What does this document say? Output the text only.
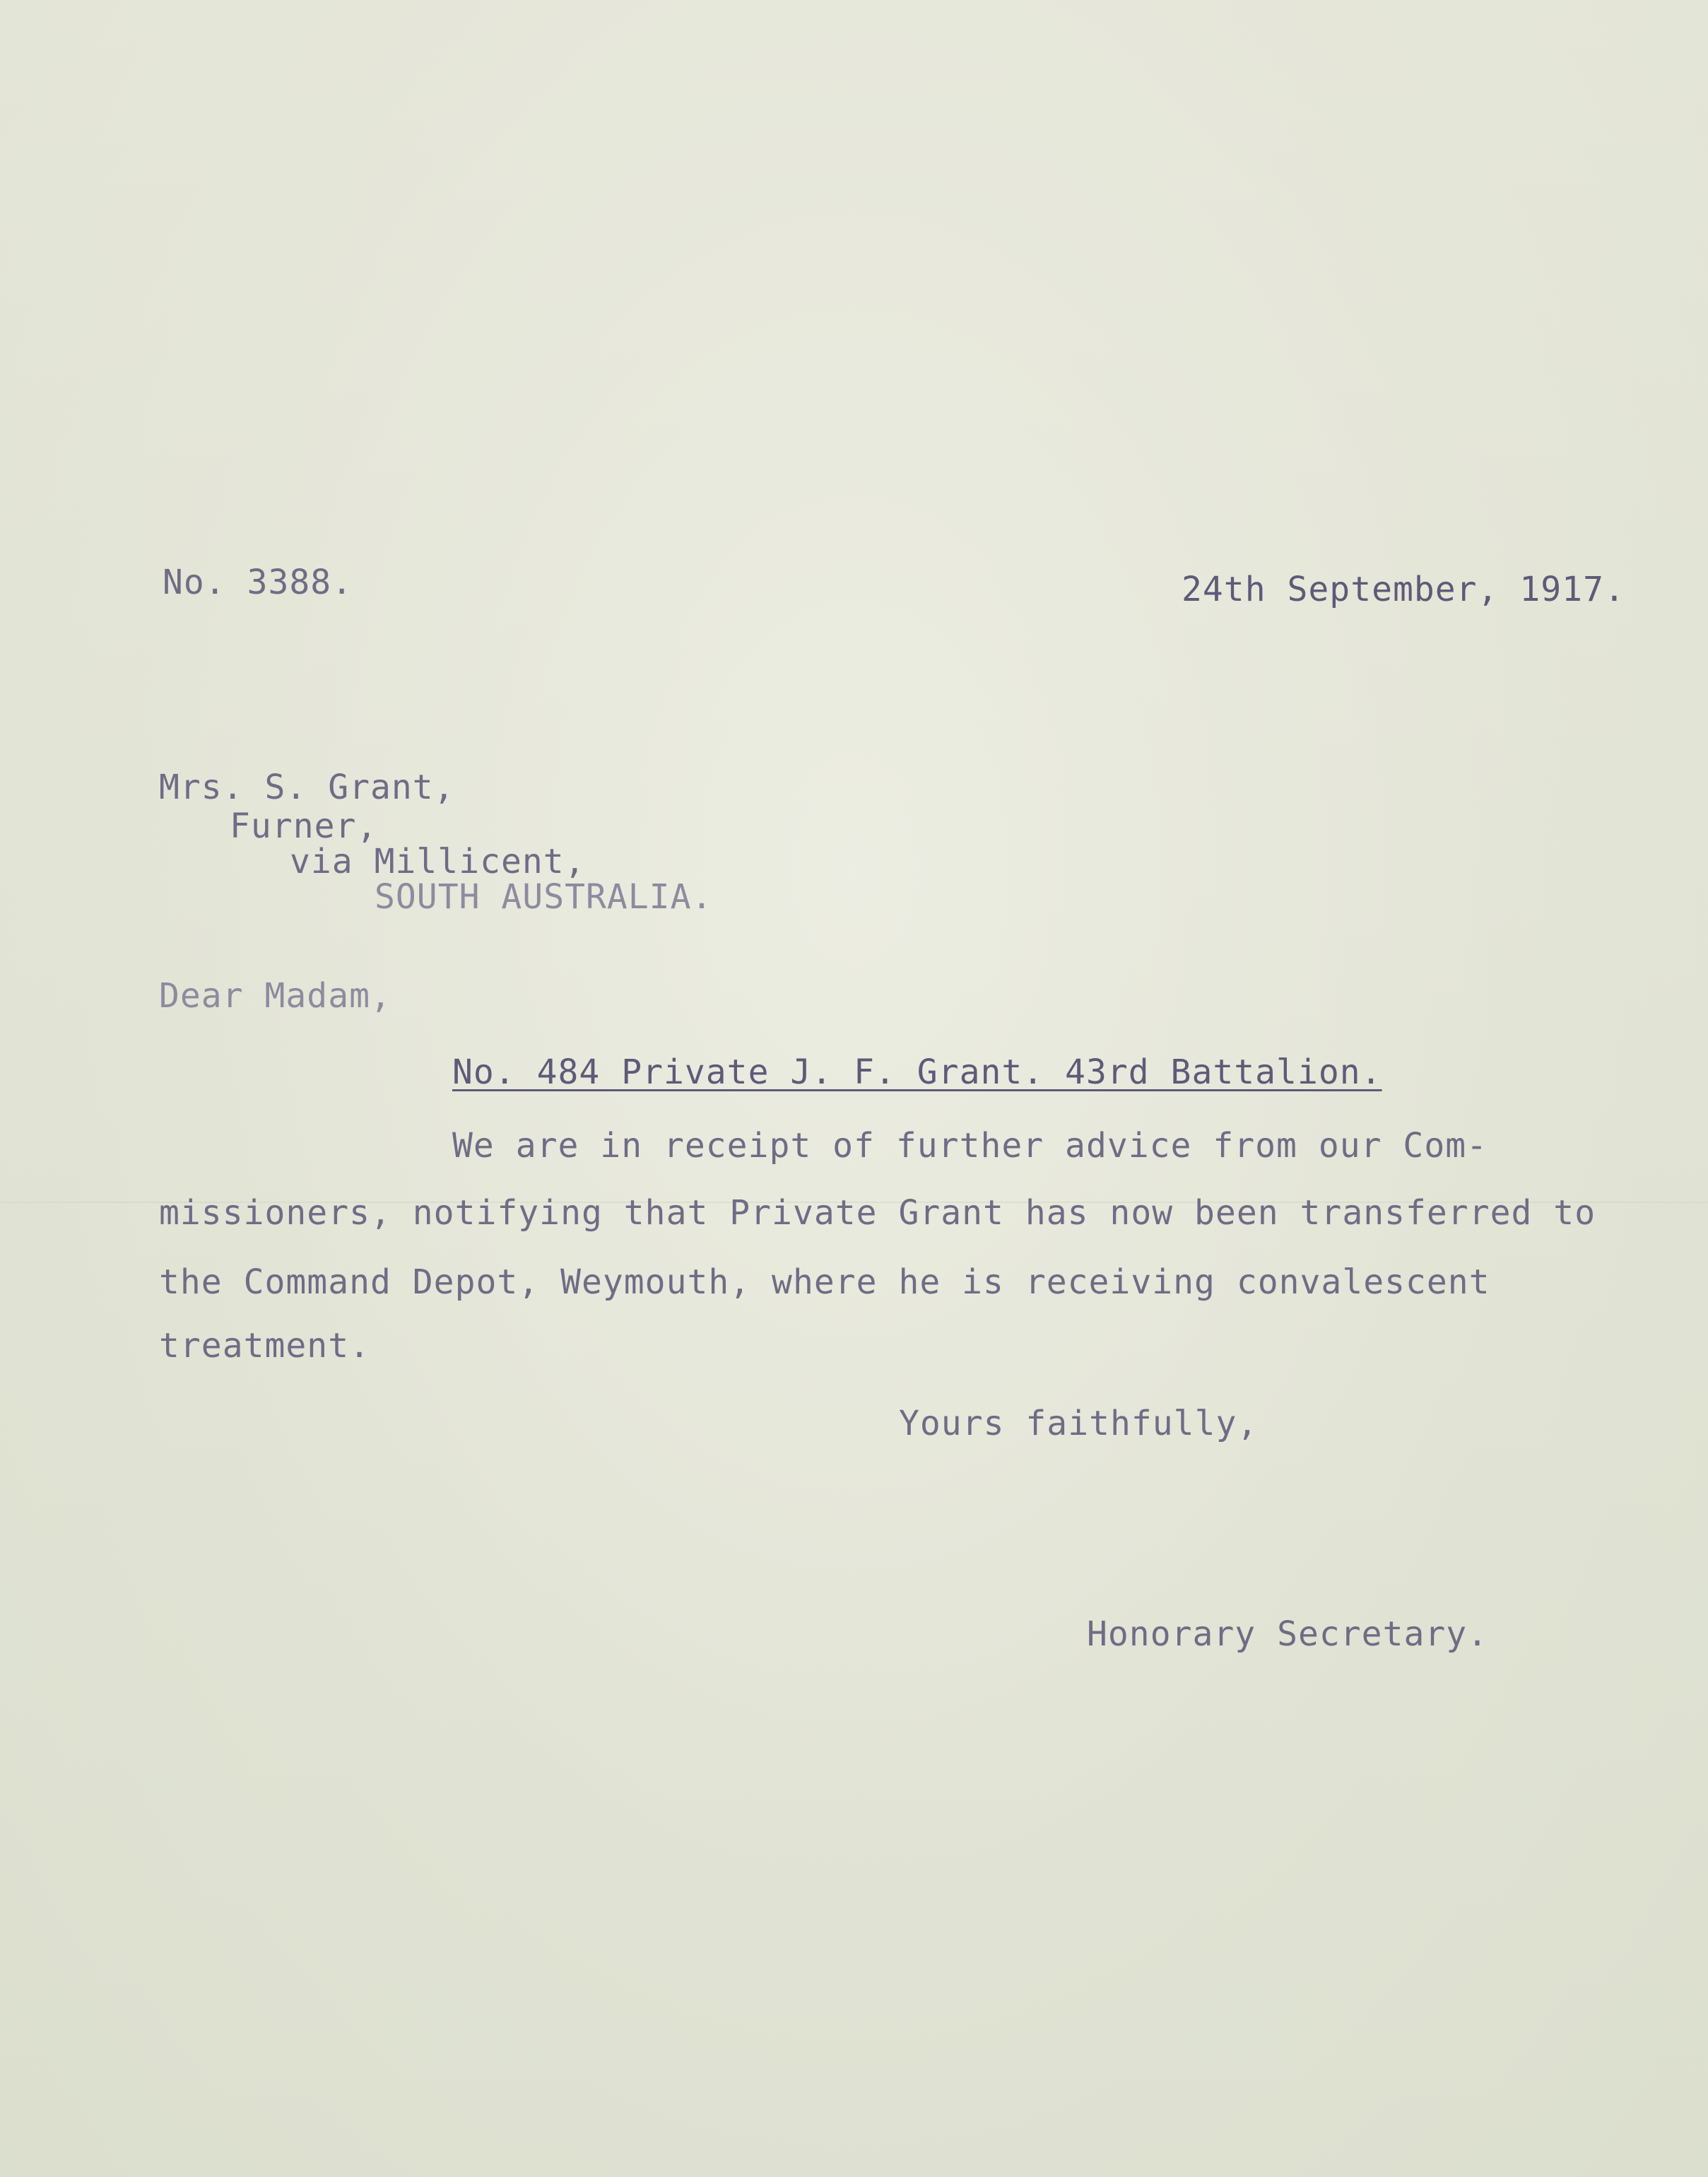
No. 3388.	24th September, 1917.
Mrs. S. Grant,
Furner,
via Millicent,
SOUTH AUSTRALIA.
Dear Madam,
No. 484 Private J. F. Grant. 43rd Battalion.
We are in receipt of further advice from our Com-
missioners, notifying that Private Grant has now been transferred to
the Command Depot, Weymouth, where he is receiving convalescent
treatment.
Yours faithfully,
Honorary Secretary.
